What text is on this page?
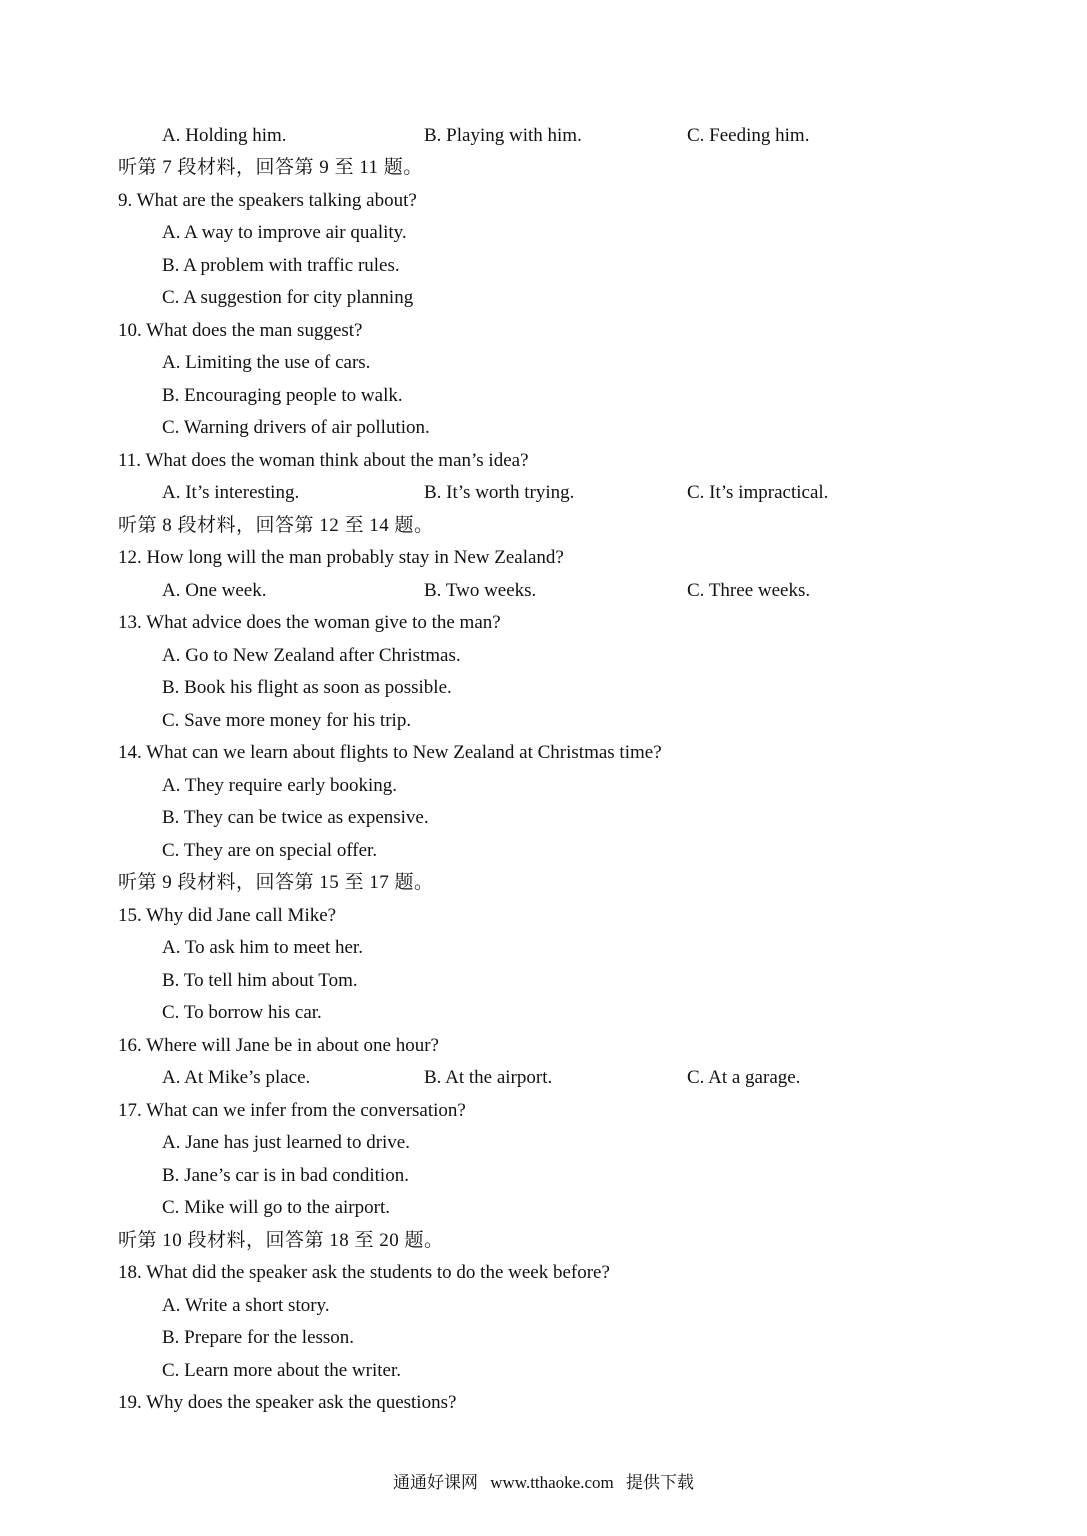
A. Holding him.	B. Playing with him.	C. Feeding him.
听第 7 段材料，回答第 9 至 11 题。
9. What are the speakers talking about?
A. A way to improve air quality.
B. A problem with traffic rules.
C. A suggestion for city planning
10. What does the man suggest?
A. Limiting the use of cars.
B. Encouraging people to walk.
C. Warning drivers of air pollution.
11. What does the woman think about the man’s idea?
A. It’s interesting.	B. It’s worth trying.	C. It’s impractical.
听第 8 段材料，回答第 12 至 14 题。
12. How long will the man probably stay in New Zealand?
A. One week.	B. Two weeks.	C. Three weeks.
13. What advice does the woman give to the man?
A. Go to New Zealand after Christmas.
B. Book his flight as soon as possible.
C. Save more money for his trip.
14. What can we learn about flights to New Zealand at Christmas time?
A. They require early booking.
B. They can be twice as expensive.
C. They are on special offer.
听第 9 段材料，回答第 15 至 17 题。
15. Why did Jane call Mike?
A. To ask him to meet her.
B. To tell him about Tom.
C. To borrow his car.
16. Where will Jane be in about one hour?
A. At Mike’s place.	B. At the airport.	C. At a garage.
17. What can we infer from the conversation?
A. Jane has just learned to drive.
B. Jane’s car is in bad condition.
C. Mike will go to the airport.
听第 10 段材料，回答第 18 至 20 题。
18. What did the speaker ask the students to do the week before?
A. Write a short story.
B. Prepare for the lesson.
C. Learn more about the writer.
19. Why does the speaker ask the questions?
通通好课网 www.tthaoke.com 提供下载
